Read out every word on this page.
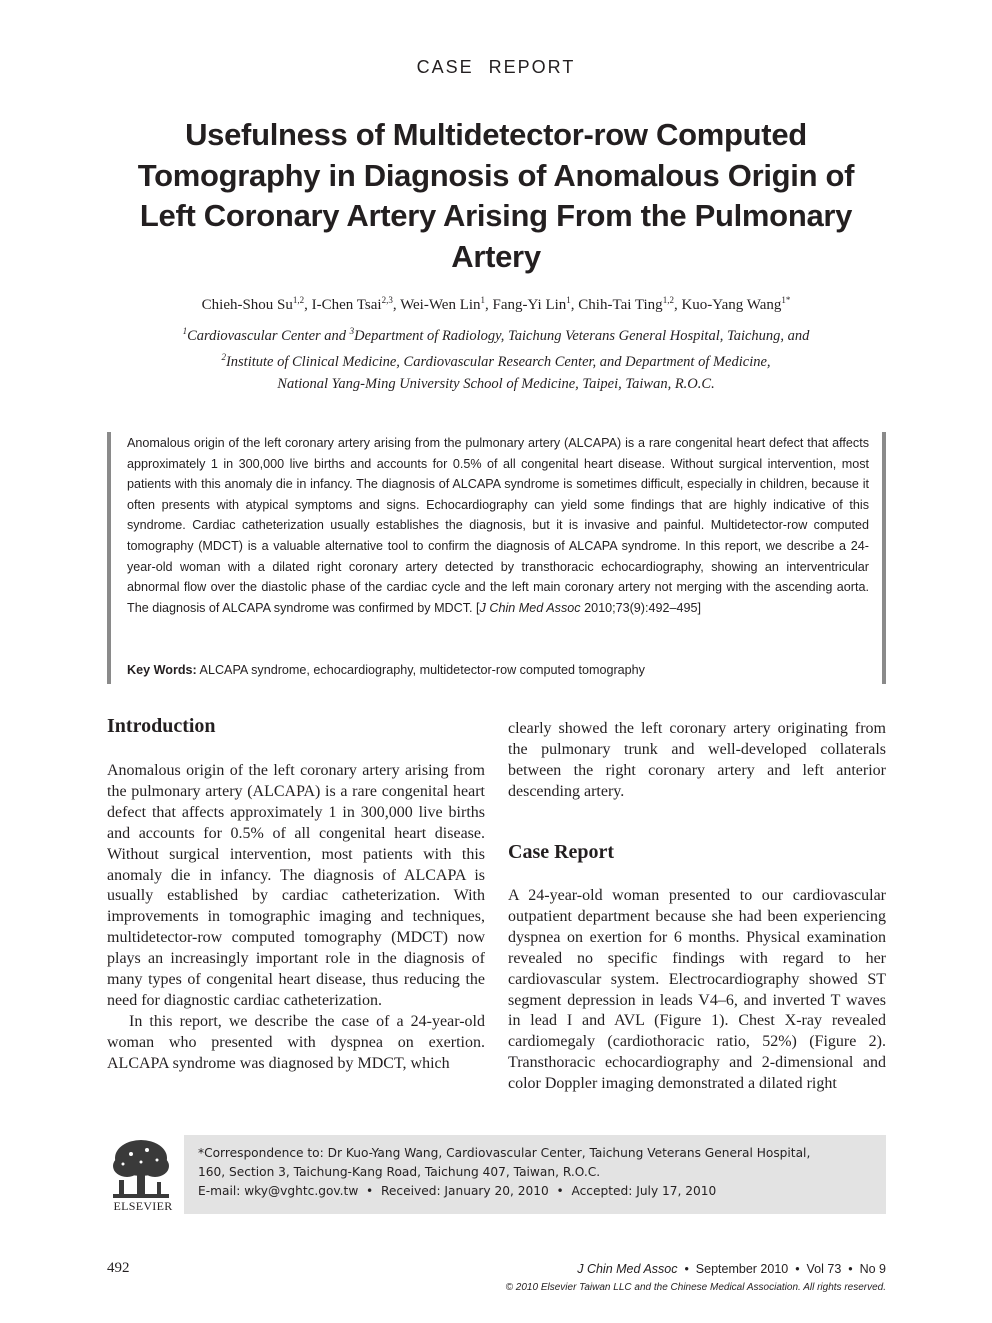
CASE REPORT
Usefulness of Multidetector-row Computed Tomography in Diagnosis of Anomalous Origin of Left Coronary Artery Arising From the Pulmonary Artery
Chieh-Shou Su$^{1,2}$, I-Chen Tsai$^{2,3}$, Wei-Wen Lin$^1$, Fang-Yi Lin$^1$, Chih-Tai Ting$^{1,2}$, Kuo-Yang Wang$^{1*}$
$^1$Cardiovascular Center and $^3$Department of Radiology, Taichung Veterans General Hospital, Taichung, and
$^2$Institute of Clinical Medicine, Cardiovascular Research Center, and Department of Medicine,
National Yang-Ming University School of Medicine, Taipei, Taiwan, R.O.C.
Anomalous origin of the left coronary artery arising from the pulmonary artery (ALCAPA) is a rare congenital heart defect that affects approximately 1 in 300,000 live births and accounts for 0.5% of all congenital heart disease. Without surgical intervention, most patients with this anomaly die in infancy. The diagnosis of ALCAPA syndrome is sometimes difficult, especially in children, because it often presents with atypical symptoms and signs. Echocardiography can yield some findings that are highly indicative of this syndrome. Cardiac catheterization usually establishes the diagnosis, but it is invasive and painful. Multidetector-row computed tomography (MDCT) is a valuable alternative tool to confirm the diagnosis of ALCAPA syndrome. In this report, we describe a 24-year-old woman with a dilated right coronary artery detected by transthoracic echocardiography, showing an interventricular abnormal flow over the diastolic phase of the cardiac cycle and the left main coronary artery not merging with the ascending aorta. The diagnosis of ALCAPA syndrome was confirmed by MDCT. [J Chin Med Assoc 2010;73(9):492–495]
Key Words: ALCAPA syndrome, echocardiography, multidetector-row computed tomography
Introduction

Anomalous origin of the left coronary artery arising from the pulmonary artery (ALCAPA) is a rare congenital heart defect that affects approximately 1 in 300,000 live births and accounts for 0.5% of all congenital heart disease. Without surgical intervention, most patients with this anomaly die in infancy. The diagnosis of ALCAPA is usually established by cardiac catheterization. With improvements in tomographic imaging and techniques, multidetector-row computed tomography (MDCT) now plays an increasingly important role in the diagnosis of many types of congenital heart disease, thus reducing the need for diagnostic cardiac catheterization.

In this report, we describe the case of a 24-year-old woman who presented with dyspnea on exertion. ALCAPA syndrome was diagnosed by MDCT, which

clearly showed the left coronary artery originating from the pulmonary trunk and well-developed collaterals between the right coronary artery and left anterior descending artery.

Case Report

A 24-year-old woman presented to our cardiovascular outpatient department because she had been experiencing dyspnea on exertion for 6 months. Physical examination revealed no specific findings with regard to her cardiovascular system. Electrocardiography showed ST segment depression in leads V4–6, and inverted T waves in lead I and AVL (Figure 1). Chest X-ray revealed cardiomegaly (cardiothoracic ratio, 52%) (Figure 2). Transthoracic echocardiography and 2-dimensional and color Doppler imaging demonstrated a dilated right

ELSEVIER
*Correspondence to: Dr Kuo-Yang Wang, Cardiovascular Center, Taichung Veterans General Hospital,
160, Section 3, Taichung-Kang Road, Taichung 407, Taiwan, R.O.C.
E-mail: wky@vghtc.gov.tw • Received: January 20, 2010 • Accepted: July 17, 2010
492	J Chin Med Assoc • September 2010 • Vol 73 • No 9
© 2010 Elsevier Taiwan LLC and the Chinese Medical Association. All rights reserved.
